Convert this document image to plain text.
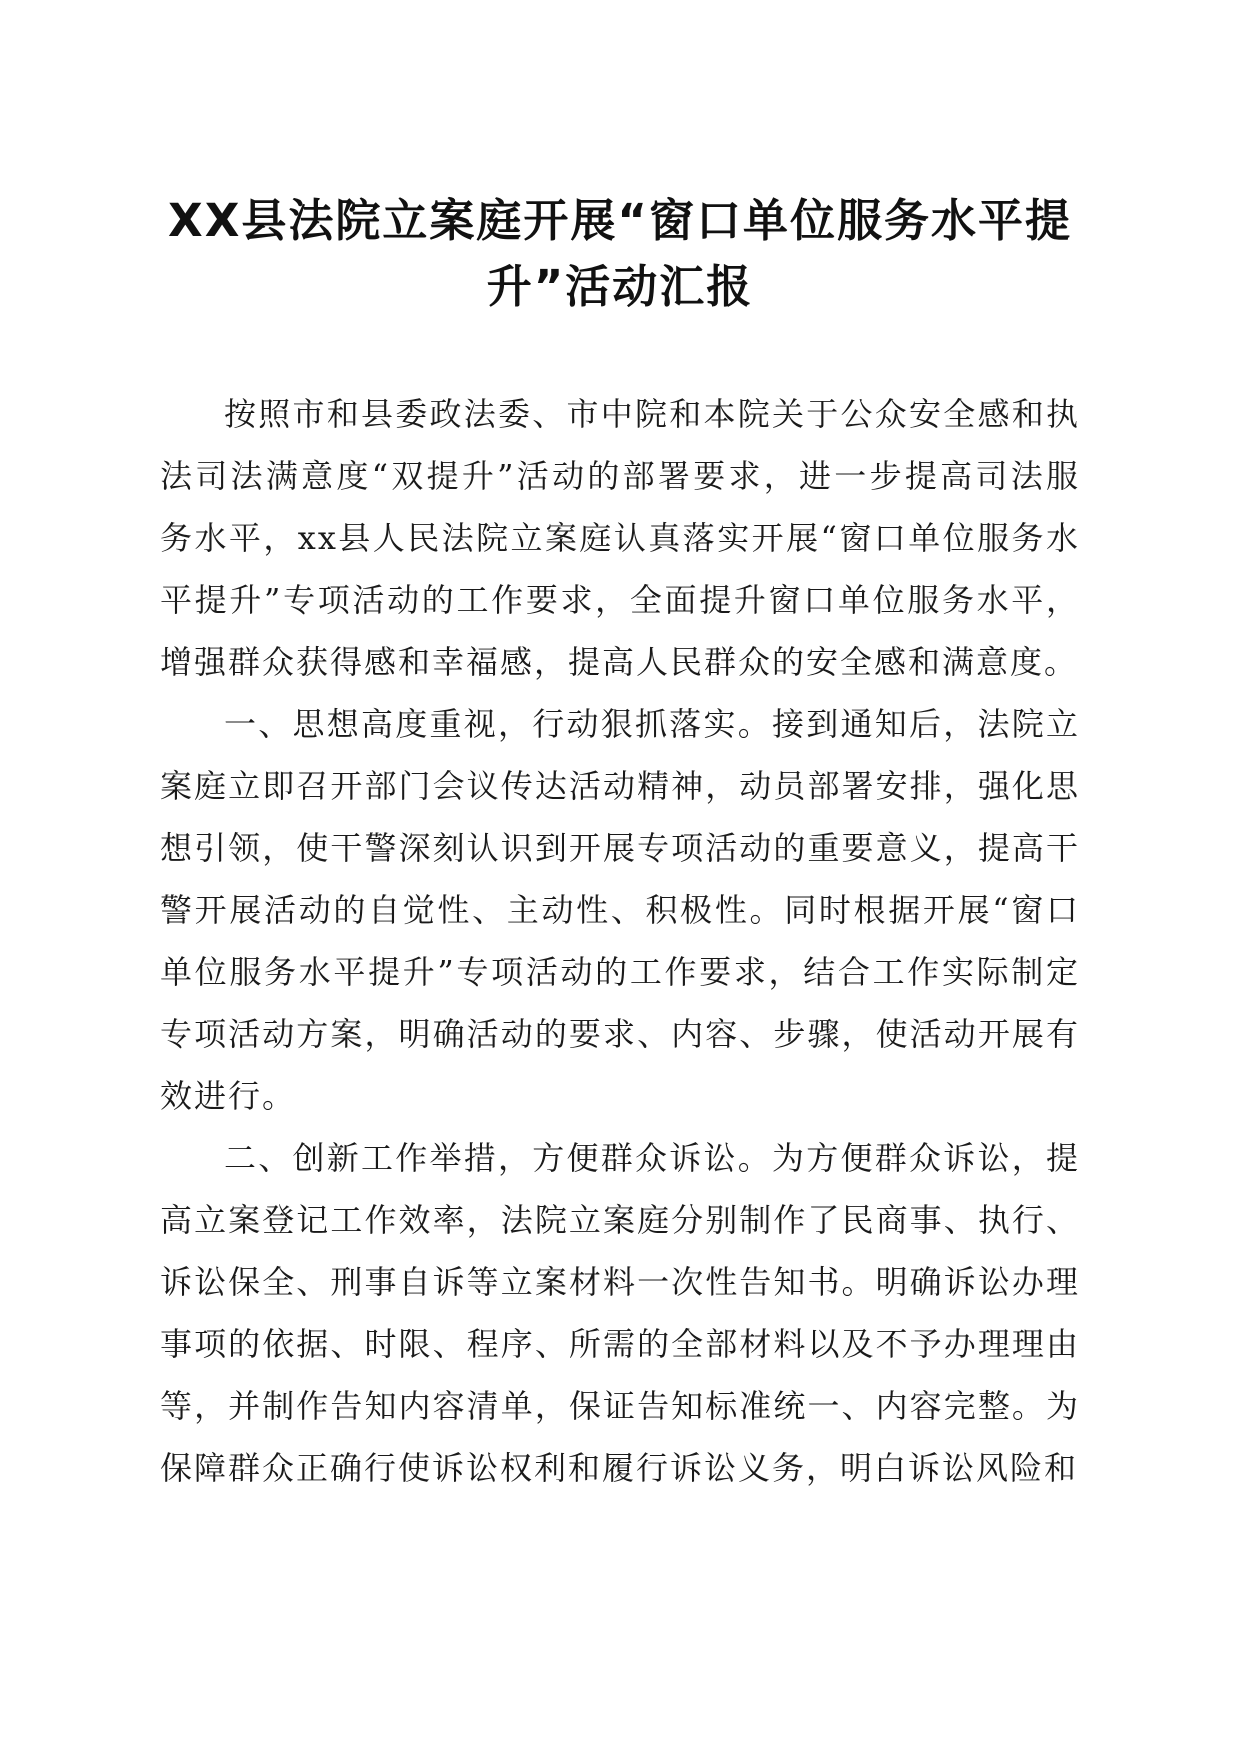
XX县法院立案庭开展“窗口单位服务水平提
升”活动汇报

按照市和县委政法委、市中院和本院关于公众安全感和执法司法满意度“双提升”活动的部署要求，进一步提高司法服务水平，xx县人民法院立案庭认真落实开展“窗口单位服务水平提升”专项活动的工作要求，全面提升窗口单位服务水平，增强群众获得感和幸福感，提高人民群众的安全感和满意度。

一、思想高度重视，行动狠抓落实。接到通知后，法院立案庭立即召开部门会议传达活动精神，动员部署安排，强化思想引领，使干警深刻认识到开展专项活动的重要意义，提高干警开展活动的自觉性、主动性、积极性。同时根据开展“窗口单位服务水平提升”专项活动的工作要求，结合工作实际制定专项活动方案，明确活动的要求、内容、步骤，使活动开展有效进行。

二、创新工作举措，方便群众诉讼。为方便群众诉讼，提高立案登记工作效率，法院立案庭分别制作了民商事、执行、诉讼保全、刑事自诉等立案材料一次性告知书。明确诉讼办理事项的依据、时限、程序、所需的全部材料以及不予办理理由等，并制作告知内容清单，保证告知标准统一、内容完整。为保障群众正确行使诉讼权利和履行诉讼义务，明白诉讼风险和
